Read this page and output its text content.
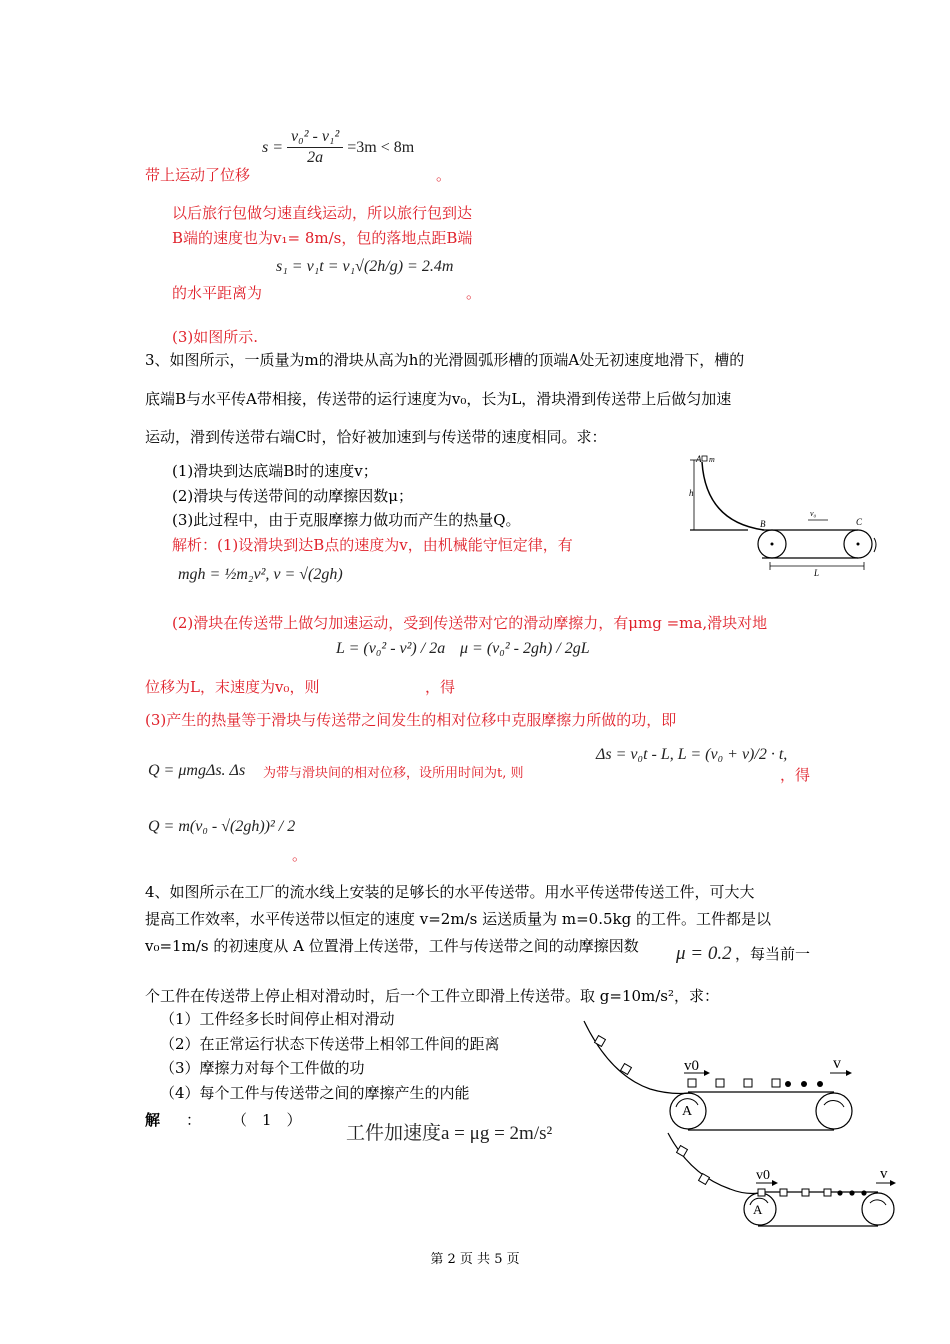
$s = \frac{\text{v₀² - v₁²}}{2a} =3m < 8m$
带上运动了位移	。
以后旅行包做匀速直线运动，所以旅行包到达
B端的速度也为v₁= 8m/s，包的落地点距B端
s₁ = v₁t = v₁√(2h/g) = 2.4m
的水平距离为	。
(3)如图所示.
3、如图所示，一质量为m的滑块从高为h的光滑圆弧形槽的顶端A处无初速度地滑下，槽的
底端B与水平传A带相接，传送带的运行速度为v₀，长为L，滑块滑到传送带上后做匀加速
运动，滑到传送带右端C时，恰好被加速到与传送带的速度相同。求：
(1)滑块到达底端B时的速度v；
(2)滑块与传送带间的动摩擦因数μ；
(3)此过程中，由于克服摩擦力做功而产生的热量Q。
解析：(1)设滑块到达B点的速度为v，由机械能守恒定律，有
mgh = ½m₂v², v = √(2gh)
(2)滑块在传送带上做匀加速运动，受到传送带对它的滑动摩擦力，有μmg =ma,滑块对地
L = (v₀² - v²) / 2a
位移为L，末速度为v₀，则	，得
μ = (v₀² - 2gh) / 2gL
(3)产生的热量等于滑块与传送带之间发生的相对位移中克服摩擦力所做的功，即
Q = μmgΔs. Δs 为带与滑块间的相对位移，设所用时间为t, 则
Δs = v₀t - L, L = (v₀ + v)/2 · t,
，得
Q = m(v₀ - √(2gh))² / 2
。
A m
h
B	C
v₀
L
4、如图所示在工厂的流水线上安装的足够长的水平传送带。用水平传送带传送工件，可大大
提高工作效率，水平传送带以恒定的速度 v=2m/s 运送质量为 m=0.5kg 的工件。工件都是以
v₀=1m/s 的初速度从 A 位置滑上传送带，工件与传送带之间的动摩擦因数 μ = 0.2 ，每当前一
个工件在传送带上停止相对滑动时，后一个工件立即滑上传送带。取 g=10m/s²，求：
（1）工件经多长时间停止相对滑动
（2）在正常运行状态下传送带上相邻工件间的距离
（3）摩擦力对每个工件做的功
（4）每个工件与传送带之间的摩擦产生的内能
解 ： （　1　）
工件加速度a = μg = 2m/s²
v0	v
A
v0	v
A
第 2 页 共 5 页
